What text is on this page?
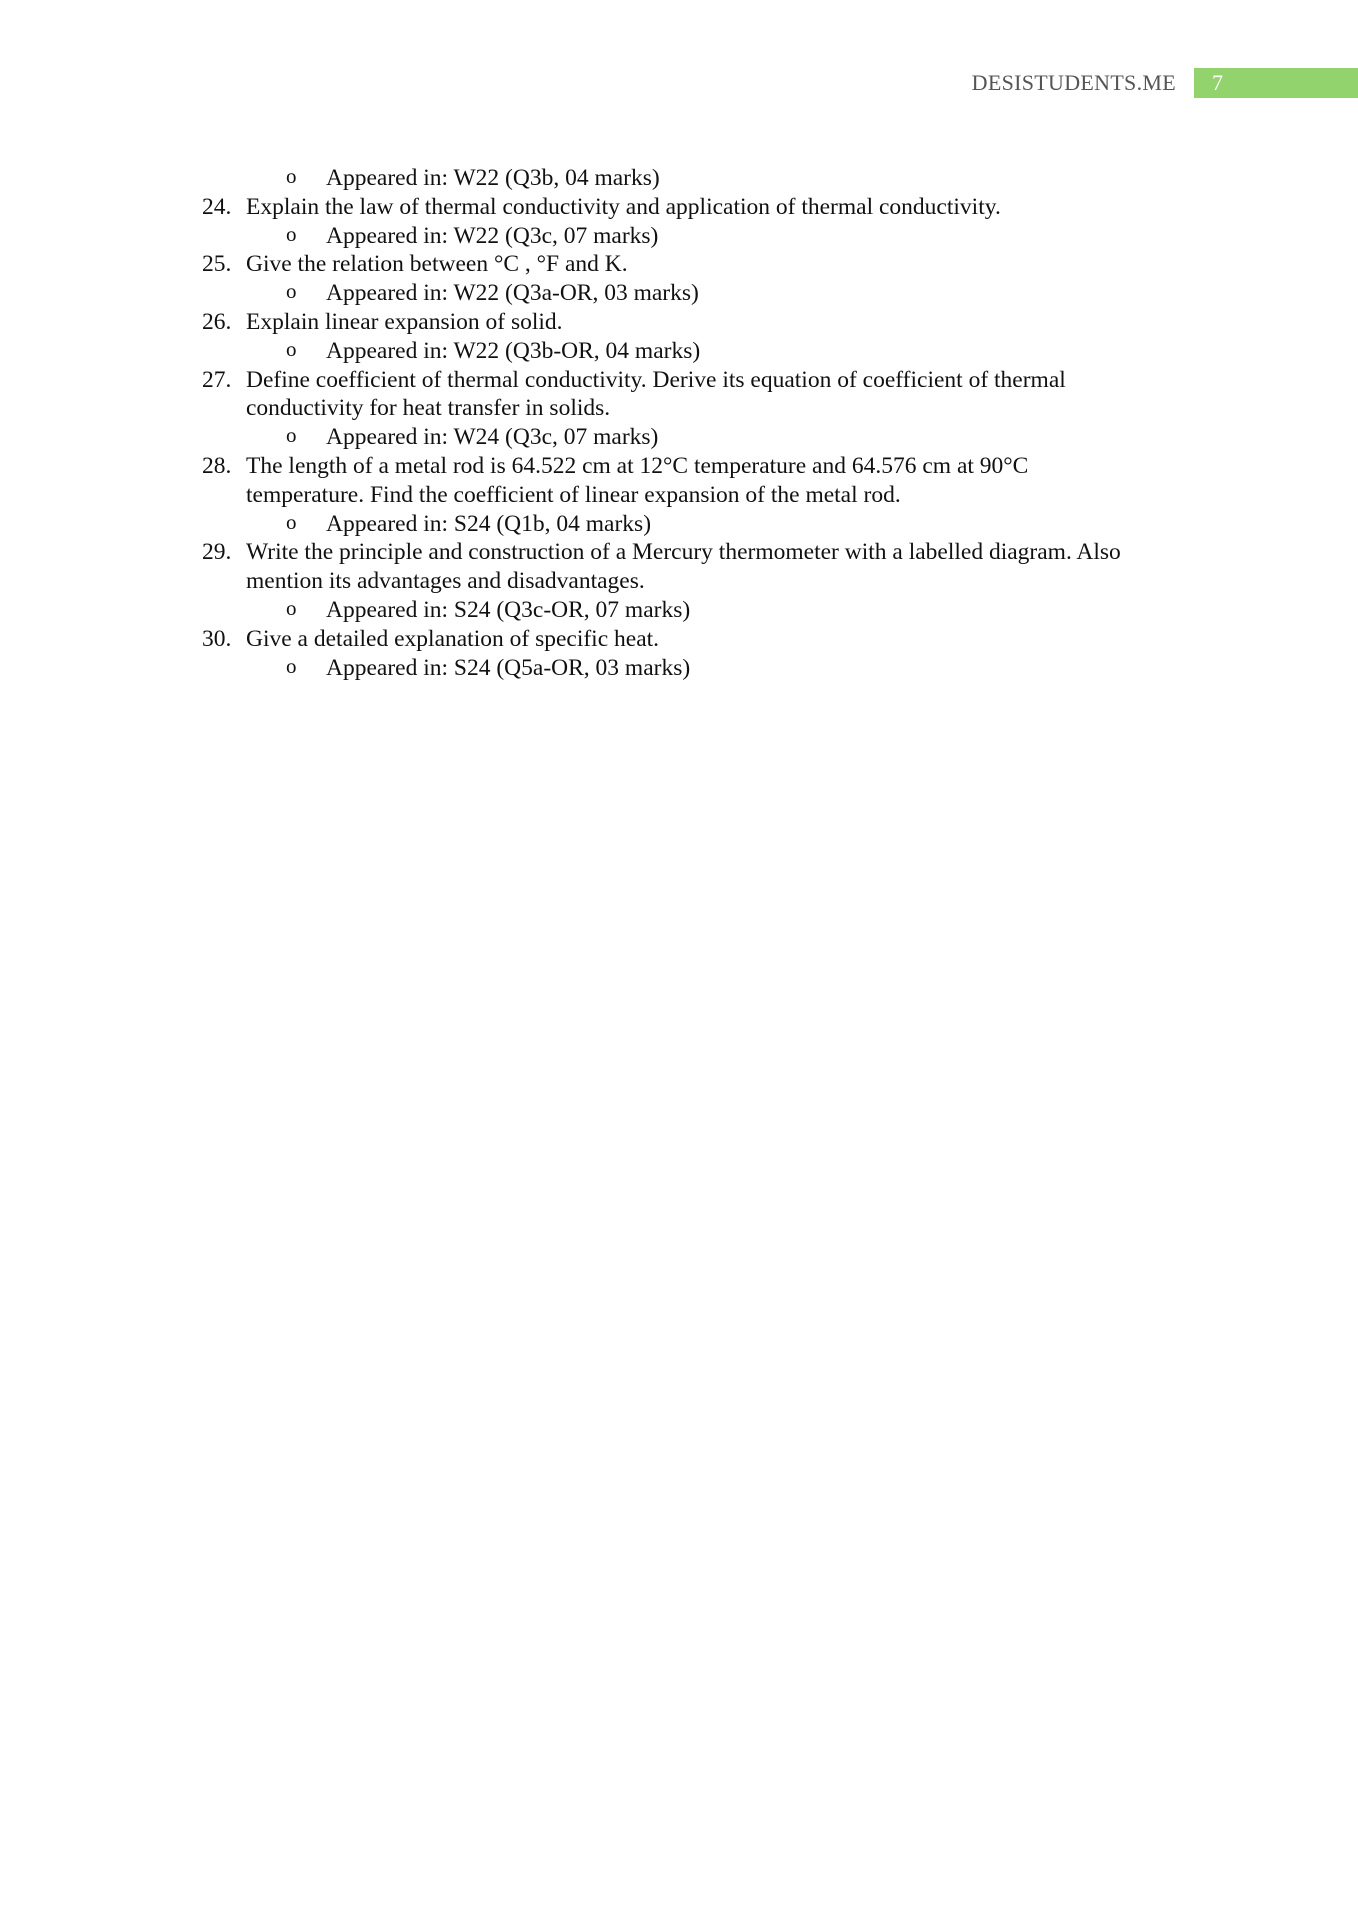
DESISTUDENTS.ME	7
o Appeared in: W22 (Q3b, 04 marks)
24. Explain the law of thermal conductivity and application of thermal conductivity.
o Appeared in: W22 (Q3c, 07 marks)
25. Give the relation between °C , °F and K.
o Appeared in: W22 (Q3a-OR, 03 marks)
26. Explain linear expansion of solid.
o Appeared in: W22 (Q3b-OR, 04 marks)
27. Define coefficient of thermal conductivity. Derive its equation of coefficient of thermal
conductivity for heat transfer in solids.
o Appeared in: W24 (Q3c, 07 marks)
28. The length of a metal rod is 64.522 cm at 12°C temperature and 64.576 cm at 90°C
temperature. Find the coefficient of linear expansion of the metal rod.
o Appeared in: S24 (Q1b, 04 marks)
29. Write the principle and construction of a Mercury thermometer with a labelled diagram. Also
mention its advantages and disadvantages.
o Appeared in: S24 (Q3c-OR, 07 marks)
30. Give a detailed explanation of specific heat.
o Appeared in: S24 (Q5a-OR, 03 marks)
